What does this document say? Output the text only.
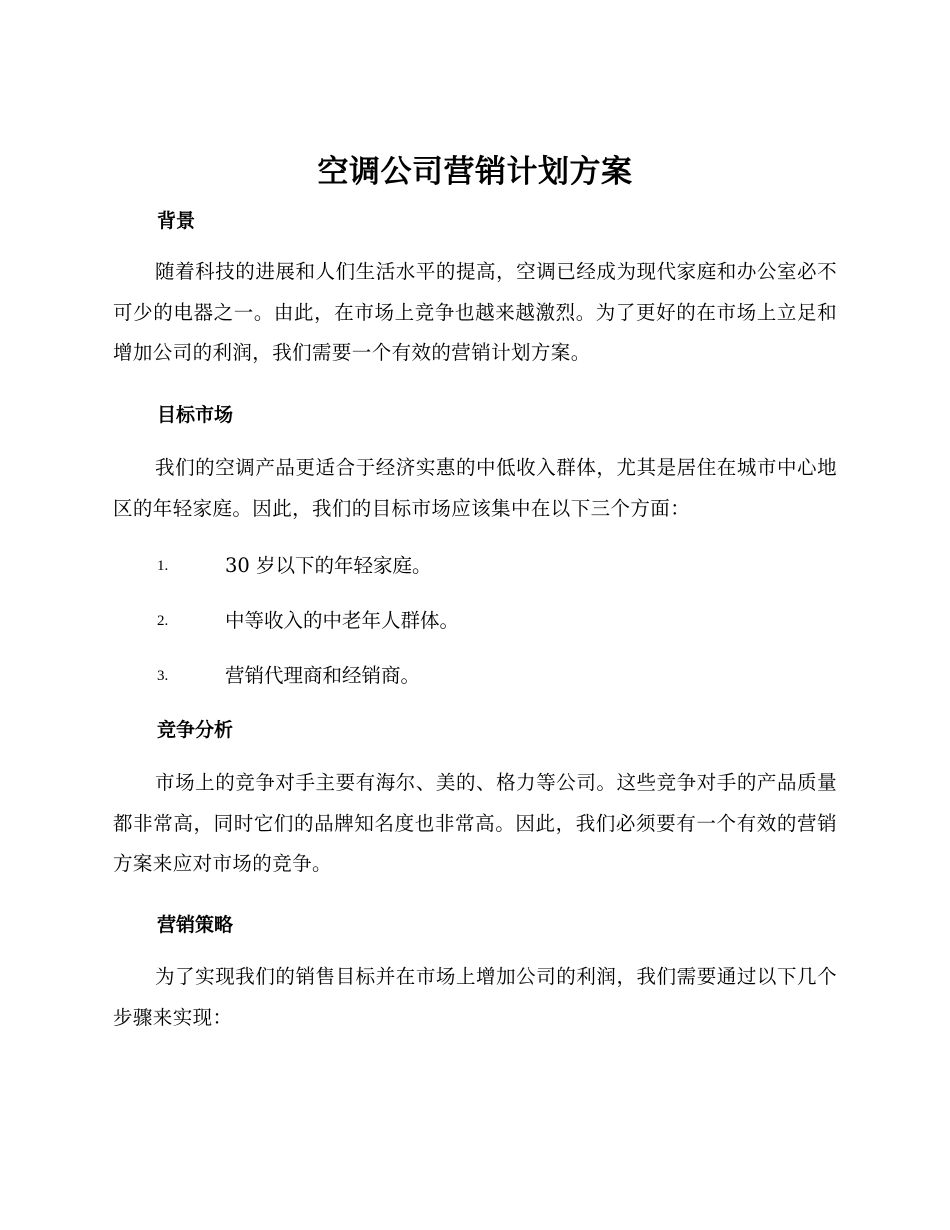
空调公司营销计划方案
背景
随着科技的进展和人们生活水平的提高，空调已经成为现代家庭和办公室必不可少的电器之一。由此，在市场上竞争也越来越激烈。为了更好的在市场上立足和增加公司的利润，我们需要一个有效的营销计划方案。
目标市场
我们的空调产品更适合于经济实惠的中低收入群体，尤其是居住在城市中心地区的年轻家庭。因此，我们的目标市场应该集中在以下三个方面：
1.	30 岁以下的年轻家庭。
2.	中等收入的中老年人群体。
3.	营销代理商和经销商。
竞争分析
市场上的竞争对手主要有海尔、美的、格力等公司。这些竞争对手的产品质量都非常高，同时它们的品牌知名度也非常高。因此，我们必须要有一个有效的营销方案来应对市场的竞争。
营销策略
为了实现我们的销售目标并在市场上增加公司的利润，我们需要通过以下几个步骤来实现：
